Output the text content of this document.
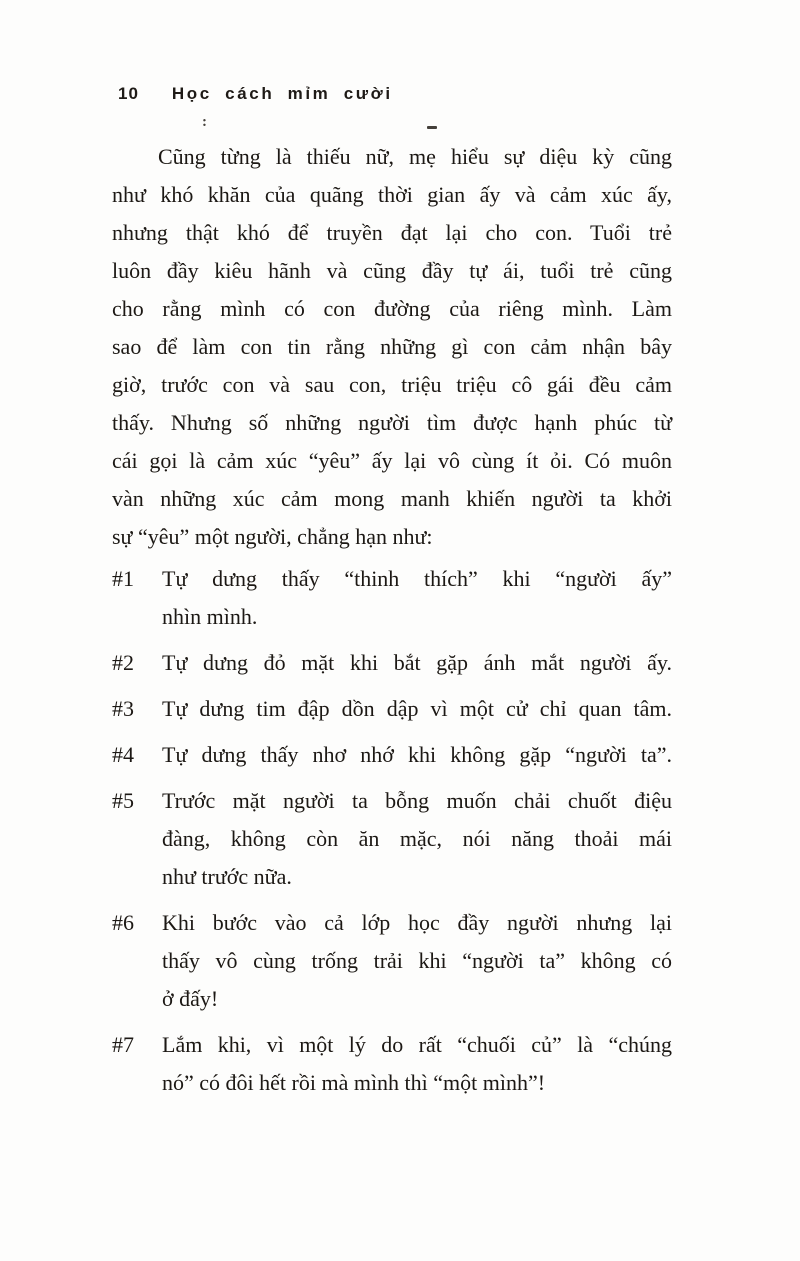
10 Học cách mỉm cười
:
Cũng từng là thiếu nữ, mẹ hiểu sự diệu kỳ cũng
như khó khăn của quãng thời gian ấy và cảm xúc ấy,
nhưng thật khó để truyền đạt lại cho con. Tuổi trẻ
luôn đầy kiêu hãnh và cũng đầy tự ái, tuổi trẻ cũng
cho rằng mình có con đường của riêng mình. Làm
sao để làm con tin rằng những gì con cảm nhận bây
giờ, trước con và sau con, triệu triệu cô gái đều cảm
thấy. Nhưng số những người tìm được hạnh phúc từ
cái gọi là cảm xúc “yêu” ấy lại vô cùng ít ỏi. Có muôn
vàn những xúc cảm mong manh khiến người ta khởi
sự “yêu” một người, chẳng hạn như:
#1	Tự dưng thấy “thinh thích” khi “người ấy”
nhìn mình.
#2	Tự dưng đỏ mặt khi bắt gặp ánh mắt người ấy.
#3	Tự dưng tim đập dồn dập vì một cử chỉ quan tâm.
#4	Tự dưng thấy nhơ nhớ khi không gặp “người ta”.
#5	Trước mặt người ta bỗng muốn chải chuốt điệu
đàng, không còn ăn mặc, nói năng thoải mái
như trước nữa.
#6	Khi bước vào cả lớp học đầy người nhưng lại
thấy vô cùng trống trải khi “người ta” không có
ở đấy!
#7	Lắm khi, vì một lý do rất “chuối củ” là “chúng
nó” có đôi hết rồi mà mình thì “một mình”!
